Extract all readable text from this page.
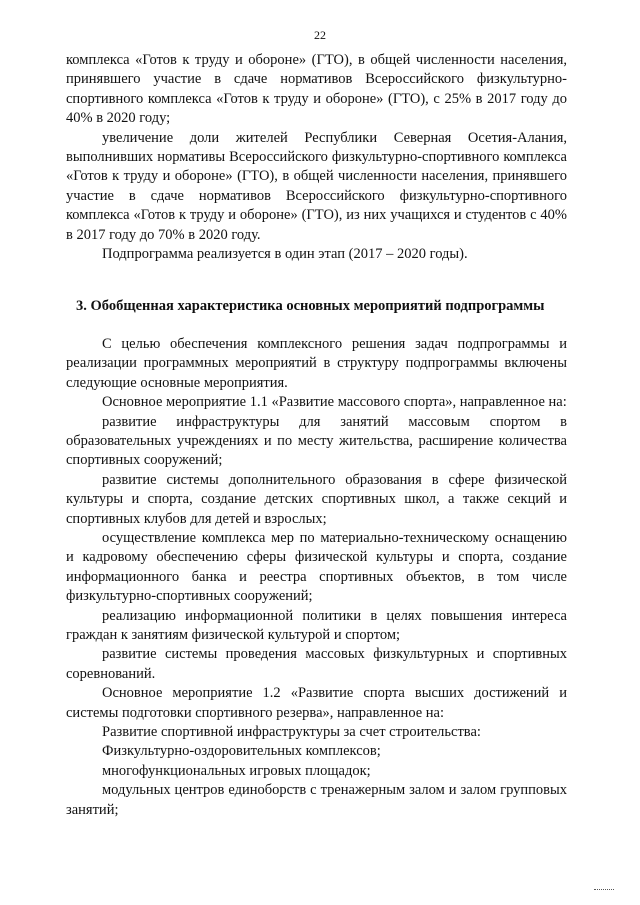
22

комплекса «Готов к труду и обороне» (ГТО), в общей численности населения, принявшего участие в сдаче нормативов Всероссийского физкультурно-спортивного комплекса «Готов к труду и обороне» (ГТО), с 25% в 2017 году до 40% в 2020 году;

увеличение доли жителей Республики Северная Осетия-Алания, выполнивших нормативы Всероссийского физкультурно-спортивного комплекса «Готов к труду и обороне» (ГТО), в общей численности населения, принявшего участие в сдаче нормативов Всероссийского физкультурно-спортивного комплекса «Готов к труду и обороне» (ГТО), из них учащихся и студентов с 40% в 2017 году до 70% в 2020 году.

Подпрограмма реализуется в один этап (2017 – 2020 годы).

3. Обобщенная характеристика основных мероприятий подпрограммы

С целью обеспечения комплексного решения задач подпрограммы и реализации программных мероприятий в структуру подпрограммы включены следующие основные мероприятия.

Основное мероприятие 1.1 «Развитие массового спорта», направленное на:

развитие инфраструктуры для занятий массовым спортом в образовательных учреждениях и по месту жительства, расширение количества спортивных сооружений;

развитие системы дополнительного образования в сфере физической культуры и спорта, создание детских спортивных школ, а также секций и спортивных клубов для детей и взрослых;

осуществление комплекса мер по материально-техническому оснащению и кадровому обеспечению сферы физической культуры и спорта, создание информационного банка и реестра спортивных объектов, в том числе физкультурно-спортивных сооружений;

реализацию информационной политики в целях повышения интереса граждан к занятиям физической культурой и спортом;

развитие системы проведения массовых физкультурных и спортивных соревнований.

Основное мероприятие 1.2 «Развитие спорта высших достижений и системы подготовки спортивного резерва», направленное на:

Развитие спортивной инфраструктуры за счет строительства:

Физкультурно-оздоровительных комплексов;

многофункциональных игровых площадок;

модульных центров единоборств с тренажерным залом и залом групповых занятий;
